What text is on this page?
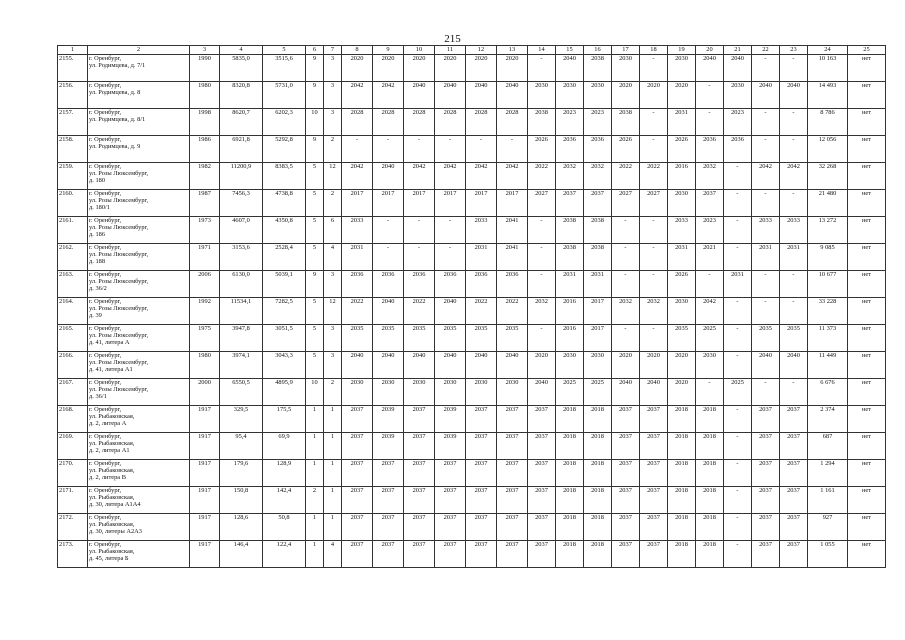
215
1	2	3	4	5	6	7	8	9	10	11	12	13	14	15	16	17	18	19	20	21	22	23	24	25
2155.	г. Оренбург,
ул. Родимцева, д. 7/1	1990	5835,0	3515,6	9	3	2020	2020	2020	2020	2020	2020	-	2040	2038	2030	-	2030	2040	2040	-	-	10 163	нет
2156.	г. Оренбург,
ул. Родимцева, д. 8	1980	8320,8	5731,0	9	3	2042	2042	2040	2040	2040	2040	2030	2030	2030	2020	2020	2020	-	2030	2040	2040	14 493	нет
2157.	г. Оренбург,
ул. Родимцева, д. 8/1	1998	8620,7	6202,3	10	3	2028	2028	2028	2028	2028	2028	2038	2023	2023	2038	-	2031	-	2023	-	-	8 786	нет
2158.	г. Оренбург,
ул. Родимцева, д. 9	1986	6921,8	5292,8	9	2	-	-	-	-	-	-	2026	2036	2036	2026	-	2026	2036	2036	-	-	12 056	нет
2159.	г. Оренбург,
ул. Розы Люксембург,
д. 180	1982	11200,9	8383,5	5	12	2042	2040	2042	2042	2042	2042	2022	2032	2032	2022	2022	2016	2032	-	2042	2042	32 268	нет
2160.	г. Оренбург,
ул. Розы Люксембург,
д. 180/1	1987	7456,3	4738,8	5	2	2017	2017	2017	2017	2017	2017	2027	2037	2037	2027	2027	2030	2037	-	-	-	21 480	нет
2161.	г. Оренбург,
ул. Розы Люксембург,
д. 186	1973	4607,0	4350,8	5	6	2033	-	-	-	2033	2041	-	2038	2038	-	-	2033	2023	-	2033	2033	13 272	нет
2162.	г. Оренбург,
ул. Розы Люксембург,
д. 188	1971	3153,6	2528,4	5	4	2031	-	-	-	2031	2041	-	2038	2038	-	-	2031	2021	-	2031	2031	9 085	нет
2163.	г. Оренбург,
ул. Розы Люксембург,
д. 36/2	2006	6130,0	5039,1	9	3	2036	2036	2036	2036	2036	2036	-	2031	2031	-	-	2026	-	2031	-	-	10 677	нет
2164.	г. Оренбург,
ул. Розы Люксембург,
д. 39	1992	11534,1	7282,5	5	12	2022	2040	2022	2040	2022	2022	2032	2016	2017	2032	2032	2030	2042	-	-	-	33 228	нет
2165.	г. Оренбург,
ул. Розы Люксембург,
д. 41, литера А	1975	3947,8	3051,5	5	3	2035	2035	2035	2035	2035	2035	-	2016	2017	-	-	2035	2025	-	2035	2035	11 373	нет
2166.	г. Оренбург,
ул. Розы Люксембург,
д. 41, литера А1	1980	3974,1	3043,3	5	3	2040	2040	2040	2040	2040	2040	2020	2030	2030	2020	2020	2020	2030	-	2040	2040	11 449	нет
2167.	г. Оренбург,
ул. Розы Люксембург,
д. 36/1	2000	6550,5	4895,9	10	2	2030	2030	2030	2030	2030	2030	2040	2025	2025	2040	2040	2020	-	2025	-	-	6 676	нет
2168.	г. Оренбург,
ул. Рыбаковская,
д. 2, литера А	1917	329,5	175,5	1	1	2037	2039	2037	2039	2037	2037	2037	2018	2018	2037	2037	2018	2018	-	2037	2037	2 374	нет
2169.	г. Оренбург,
ул. Рыбаковская,
д. 2, литера А1	1917	95,4	69,9	1	1	2037	2039	2037	2039	2037	2037	2037	2018	2018	2037	2037	2018	2018	-	2037	2037	687	нет
2170.	г. Оренбург,
ул. Рыбаковская,
д. 2, литера В	1917	179,6	128,9	1	1	2037	2037	2037	2037	2037	2037	2037	2018	2018	2037	2037	2018	2018	-	2037	2037	1 294	нет
2171.	г. Оренбург,
ул. Рыбаковская,
д. 30, литера А1А4	1917	150,8	142,4	2	1	2037	2037	2037	2037	2037	2037	2037	2018	2018	2037	2037	2018	2018	-	2037	2037	1 161	нет
2172.	г. Оренбург,
ул. Рыбаковская,
д. 30, литеры А2А3	1917	128,6	50,8	1	1	2037	2037	2037	2037	2037	2037	2037	2018	2018	2037	2037	2018	2018	-	2037	2037	927	нет
2173.	г. Оренбург,
ул. Рыбаковская,
д. 45, литера Б	1917	146,4	122,4	1	4	2037	2037	2037	2037	2037	2037	2037	2018	2018	2037	2037	2018	2018	-	2037	2037	1 055	нет
